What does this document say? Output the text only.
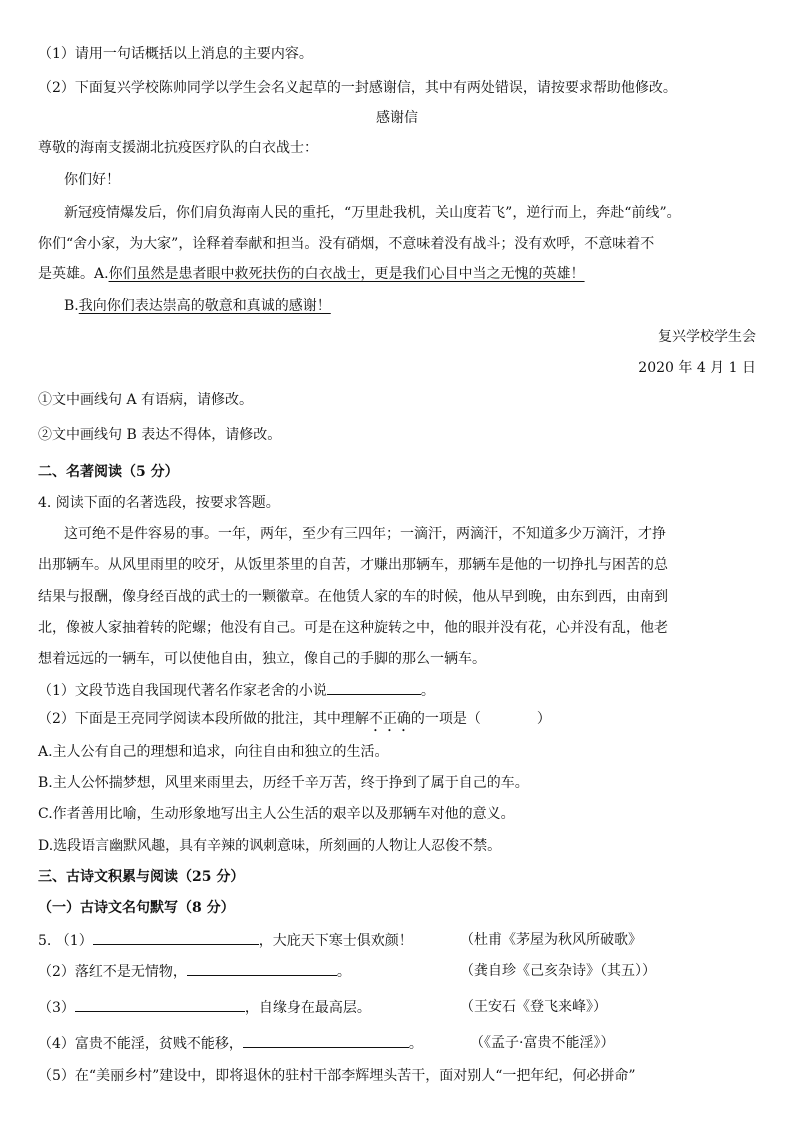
（1）请用一句话概括以上消息的主要内容。
（2）下面复兴学校陈帅同学以学生会名义起草的一封感谢信，其中有两处错误，请按要求帮助他修改。
感谢信
尊敬的海南支援湖北抗疫医疗队的白衣战士：
你们好！
新冠疫情爆发后，你们肩负海南人民的重托，“万里赴我机，关山度若飞”，逆行而上，奔赴“前线”。
你们“舍小家，为大家”，诠释着奉献和担当。没有硝烟，不意味着没有战斗；没有欢呼，不意味着不
是英雄。A.你们虽然是患者眼中救死扶伤的白衣战士，更是我们心目中当之无愧的英雄！
B.我向你们表达崇高的敬意和真诚的感谢！
复兴学校学生会
2020 年 4 月 1 日
①文中画线句 A 有语病，请修改。
②文中画线句 B 表达不得体，请修改。
二、名著阅读（5 分）
4. 阅读下面的名著选段，按要求答题。
这可绝不是件容易的事。一年，两年，至少有三四年；一滴汗，两滴汗，不知道多少万滴汗，才挣
出那辆车。从风里雨里的咬牙，从饭里茶里的自苦，才赚出那辆车，那辆车是他的一切挣扎与困苦的总
结果与报酬，像身经百战的武士的一颗徽章。在他赁人家的车的时候，他从早到晚，由东到西，由南到
北，像被人家抽着转的陀螺；他没有自己。可是在这种旋转之中，他的眼并没有花，心并没有乱，他老
想着远远的一辆车，可以使他自由，独立，像自己的手脚的那么一辆车。
（1）文段节选自我国现代著名作家老舍的小说	。
（2）下面是王亮同学阅读本段所做的批注，其中理解不正确的一项是（　　　　）
A.主人公有自己的理想和追求，向往自由和独立的生活。
B.主人公怀揣梦想，风里来雨里去，历经千辛万苦，终于挣到了属于自己的车。
C.作者善用比喻，生动形象地写出主人公生活的艰辛以及那辆车对他的意义。
D.选段语言幽默风趣，具有辛辣的讽刺意味，所刻画的人物让人忍俊不禁。
三、古诗文积累与阅读（25 分）
（一）古诗文名句默写（8 分）
5. （1）	，大庇天下寒士俱欢颜！	（杜甫《茅屋为秋风所破歌》
（2）落红不是无情物，	。	（龚自珍《己亥杂诗》（其五））
（3）	，自缘身在最高层。	（王安石《登飞来峰》）
（4）富贵不能淫，贫贱不能移，	。	（《孟子·富贵不能淫》）
（5）在“美丽乡村”建设中，即将退休的驻村干部李辉埋头苦干，面对别人“一把年纪，何必拼命”
